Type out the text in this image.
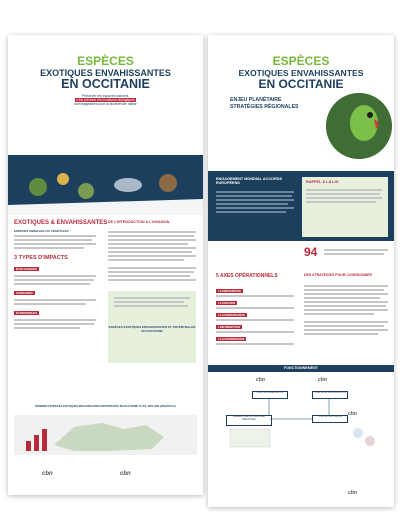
ESPÈCES
EXOTIQUES ENVAHISSANTES
EN OCCITANIE
Préserver les espaces naturels,
c'est prévenir les invasions biologiques
dommageables pour la biodiversité native
EXOTIQUES & ENVAHISSANTES
ESPÈCES ANIMALES OU VÉGÉTALES
3 TYPES D'IMPACTS
ÉCOLOGIQUES
SANITAIRES
ÉCONOMIQUES
DE L'INTRODUCTION À L'INVASION
ESPÈCES EXOTIQUES ENVAHISSANTES ET POTENTIELLES EN OCCITANIE
NOMBRE D'ESPÈCES EXOTIQUES ENVAHISSANTES INTRODUITES EN OCCITANIE AU FIL DES ANS (VÉGÉTAUX)
cbn	cbn
ESPÈCES
EXOTIQUES ENVAHISSANTES
EN OCCITANIE
ENJEU PLANÉTAIRE
STRATÉGIES RÉGIONALES
ENGAGEMENT MONDIAL ACCORDS EUROPÉENS	RAPPEL À LA LOI
94
5 AXES OPÉRATIONNELS
LA PRÉVENTION
LA GESTION
LA CONNAISSANCE
L'INFORMATION
LA GOUVERNANCE
DES STRATÉGIES POUR COORDONNER
FONCTIONNEMENT
cbn	cbn
COMITÉ D'ORIENTATION	COMITÉ DE COORDINATION
RÉSEAUX DE LA STRATÉGIE RÉGIONALE
COMITÉ TECHNIQUE	cbn
cbn
